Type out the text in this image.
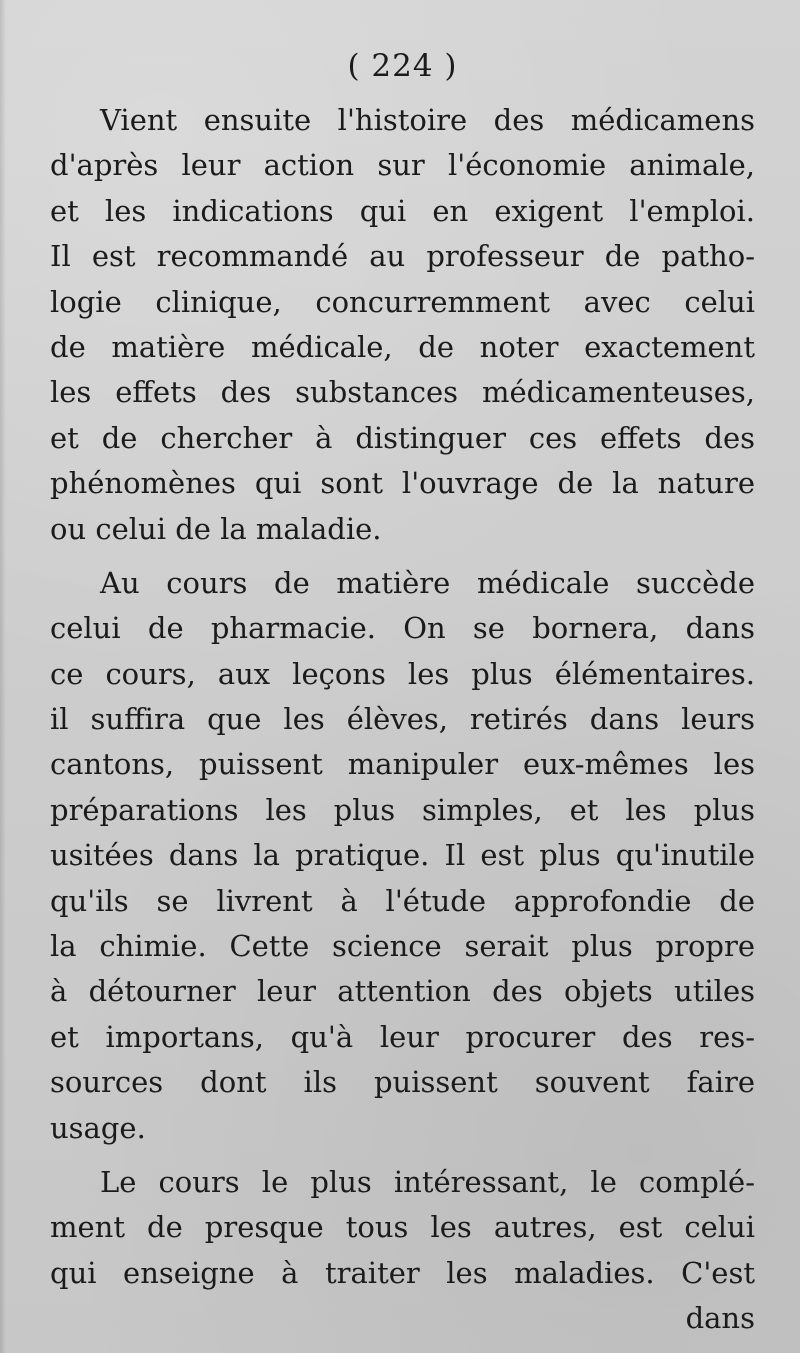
( 224 )
Vient ensuite l'histoire des médicamens
d'après leur action sur l'économie animale,
et les indications qui en exigent l'emploi.
Il est recommandé au professeur de patho-
logie clinique, concurremment avec celui
de matière médicale, de noter exactement
les effets des substances médicamenteuses,
et de chercher à distinguer ces effets des
phénomènes qui sont l'ouvrage de la nature
ou celui de la maladie.
Au cours de matière médicale succède
celui de pharmacie. On se bornera, dans
ce cours, aux leçons les plus élémentaires.
il suffira que les élèves, retirés dans leurs
cantons, puissent manipuler eux-mêmes les
préparations les plus simples, et les plus
usitées dans la pratique. Il est plus qu'inutile
qu'ils se livrent à l'étude approfondie de
la chimie. Cette science serait plus propre
à détourner leur attention des objets utiles
et importans, qu'à leur procurer des res-
sources dont ils puissent souvent faire
usage.
Le cours le plus intéressant, le complé-
ment de presque tous les autres, est celui
qui enseigne à traiter les maladies. C'est
dans
